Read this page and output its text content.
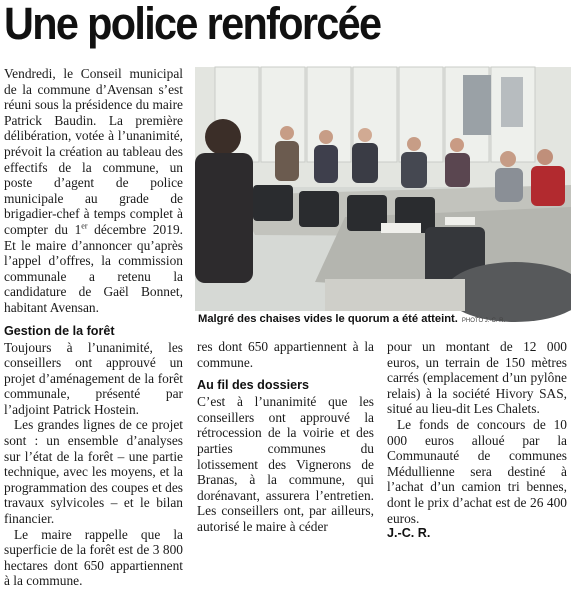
Une police renforcée

Vendredi, le Conseil municipal de la commune d’Avensan s’est réuni sous la présidence du maire Patrick Baudin. La première délibération, votée à l’unanimité, prévoit la création au tableau des effectifs de la commune, un poste d’agent de police municipale au grade de brigadier-chef à temps complet à compter du 1er décembre 2019. Et le maire d’annoncer qu’après l’appel d’offres, la commission communale a retenu la candidature de Gaël Bonnet, habitant Avensan.

Gestion de la forêt

Toujours à l’unanimité, les conseillers ont approuvé un projet d’aménagement de la forêt communale, présenté par l’adjoint Patrick Hostein.

Les grandes lignes de ce projet sont : un ensemble d’analyses sur l’état de la forêt – une partie technique, avec les moyens, et la programmation des coupes et des travaux sylvicoles – et le bilan financier.

Le maire rappelle que la superficie de la forêt est de 3 800 hectares dont 650 appartiennent à la commune.

Malgré des chaises vides le quorum a été atteint. PHOTO J.-C. R.

res dont 650 appartiennent à la commune.

Au fil des dossiers

C’est à l’unanimité que les conseillers ont approuvé la rétrocession de la voirie et des parties communes du lotissement des Vignerons de Branas, à la commune, qui dorénavant, assurera l’entretien. Les conseillers ont, par ailleurs, autorisé le maire à céder

pour un montant de 12 000 euros, un terrain de 150 mètres carrés (emplacement d’un pylône relais) à la société Hivory SAS, situé au lieu-dit Les Chalets.

Le fonds de concours de 10 000 euros alloué par la Communauté de communes Médullienne sera destiné à l’achat d’un camion tri bennes, dont le prix d’achat est de 26 400 euros.

J.-C. R.
